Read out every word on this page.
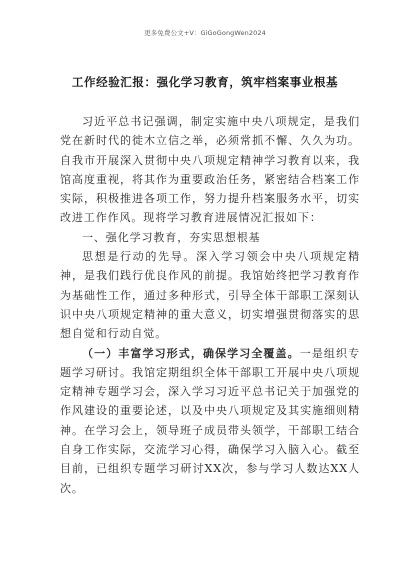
更多免费公文+V：GiGoGongWen2024
工作经验汇报：强化学习教育，筑牢档案事业根基

习近平总书记强调，制定实施中央八项规定，是我们党在新时代的徙木立信之举，必须常抓不懈、久久为功。自我市开展深入贯彻中央八项规定精神学习教育以来，我馆高度重视，将其作为重要政治任务，紧密结合档案工作实际，积极推进各项工作，努力提升档案服务水平，切实改进工作作风。现将学习教育进展情况汇报如下：

一、强化学习教育，夯实思想根基

思想是行动的先导。深入学习领会中央八项规定精神，是我们践行优良作风的前提。我馆始终把学习教育作为基础性工作，通过多种形式，引导全体干部职工深刻认识中央八项规定精神的重大意义，切实增强贯彻落实的思想自觉和行动自觉。

（一）丰富学习形式，确保学习全覆盖。一是组织专题学习研讨。我馆定期组织全体干部职工开展中央八项规定精神专题学习会，深入学习习近平总书记关于加强党的作风建设的重要论述，以及中央八项规定及其实施细则精神。在学习会上，领导班子成员带头领学，干部职工结合自身工作实际，交流学习心得，确保学习入脑入心。截至目前，已组织专题学习研讨XX次，参与学习人数达XX人次。
